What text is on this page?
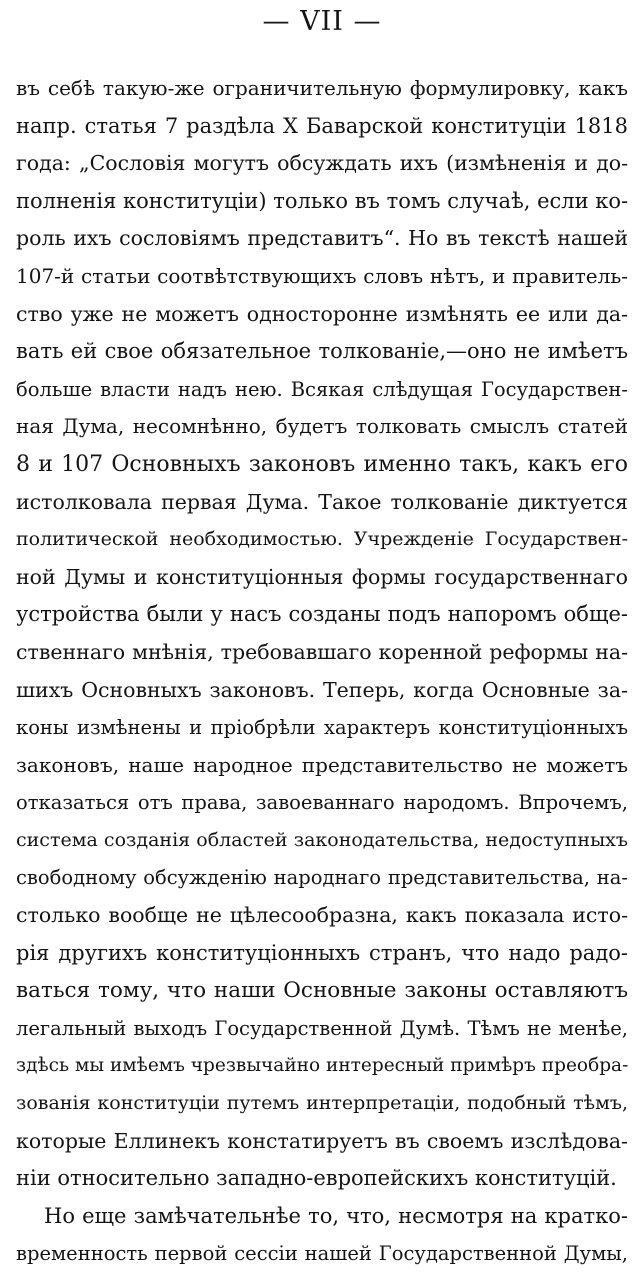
— VII —
въ себѣ такую-же ограничительную формулировку, какъ
напр. статья 7 раздѣла X Баварской конституціи 1818
года: „Сословія могутъ обсуждать ихъ (измѣненія и до-
полненія конституціи) только въ томъ случаѣ, если ко-
роль ихъ сословіямъ представитъ“. Но въ текстѣ нашей
107-й статьи соотвѣтствующихъ словъ нѣтъ, и правитель-
ство уже не можетъ односторонне измѣнять ее или да-
вать ей свое обязательное толкованіе,—оно не имѣетъ
больше власти надъ нею. Всякая слѣдущая Государствен-
ная Дума, несомнѣнно, будетъ толковать смыслъ статей
8 и 107 Основныхъ законовъ именно такъ, какъ его
истолковала первая Дума. Такое толкованіе диктуется
политической необходимостью. Учрежденіе Государствен-
ной Думы и конституціонныя формы государственнаго
устройства были у насъ созданы подъ напоромъ обще-
ственнаго мнѣнія, требовавшаго коренной реформы на-
шихъ Основныхъ законовъ. Теперь, когда Основные за-
коны измѣнены и пріобрѣли характеръ конституціонныхъ
законовъ, наше народное представительство не можетъ
отказаться отъ права, завоеваннаго народомъ. Впрочемъ,
система созданія областей законодательства, недоступныхъ
свободному обсужденію народнаго представительства, на-
столько вообще не цѣлесообразна, какъ показала исто-
рія другихъ конституціонныхъ странъ, что надо радо-
ваться тому, что наши Основные законы оставляютъ
легальный выходъ Государственной Думѣ. Тѣмъ не менѣе,
здѣсь мы имѣемъ чрезвычайно интересный примѣръ преобра-
зованія конституціи путемъ интерпретаціи, подобный тѣмъ,
которые Еллинекъ констатируетъ въ своемъ изслѣдова-
ніи относительно западно-европейскихъ конституцій.
Но еще замѣчательнѣе то, что, несмотря на кратко-
временность первой сессіи нашей Государственной Думы,
